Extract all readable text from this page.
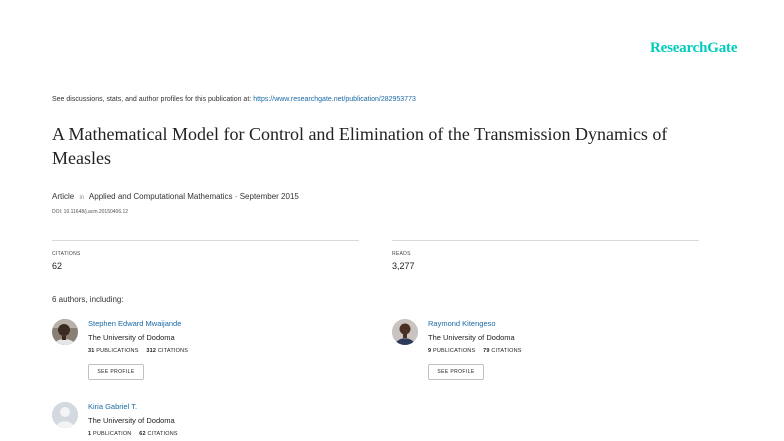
ResearchGate
See discussions, stats, and author profiles for this publication at: https://www.researchgate.net/publication/282953773
A Mathematical Model for Control and Elimination of the Transmission Dynamics of Measles
Article in Applied and Computational Mathematics · September 2015
DOI: 10.11648/j.acm.20150406.12
CITATIONS
62
READS
3,277
6 authors, including:
Stephen Edward Mwaijande
The University of Dodoma
31 PUBLICATIONS 312 CITATIONS
SEE PROFILE
Raymond Kitengeso
The University of Dodoma
9 PUBLICATIONS 79 CITATIONS
SEE PROFILE
Kiria Gabriel T.
The University of Dodoma
1 PUBLICATION 62 CITATIONS
